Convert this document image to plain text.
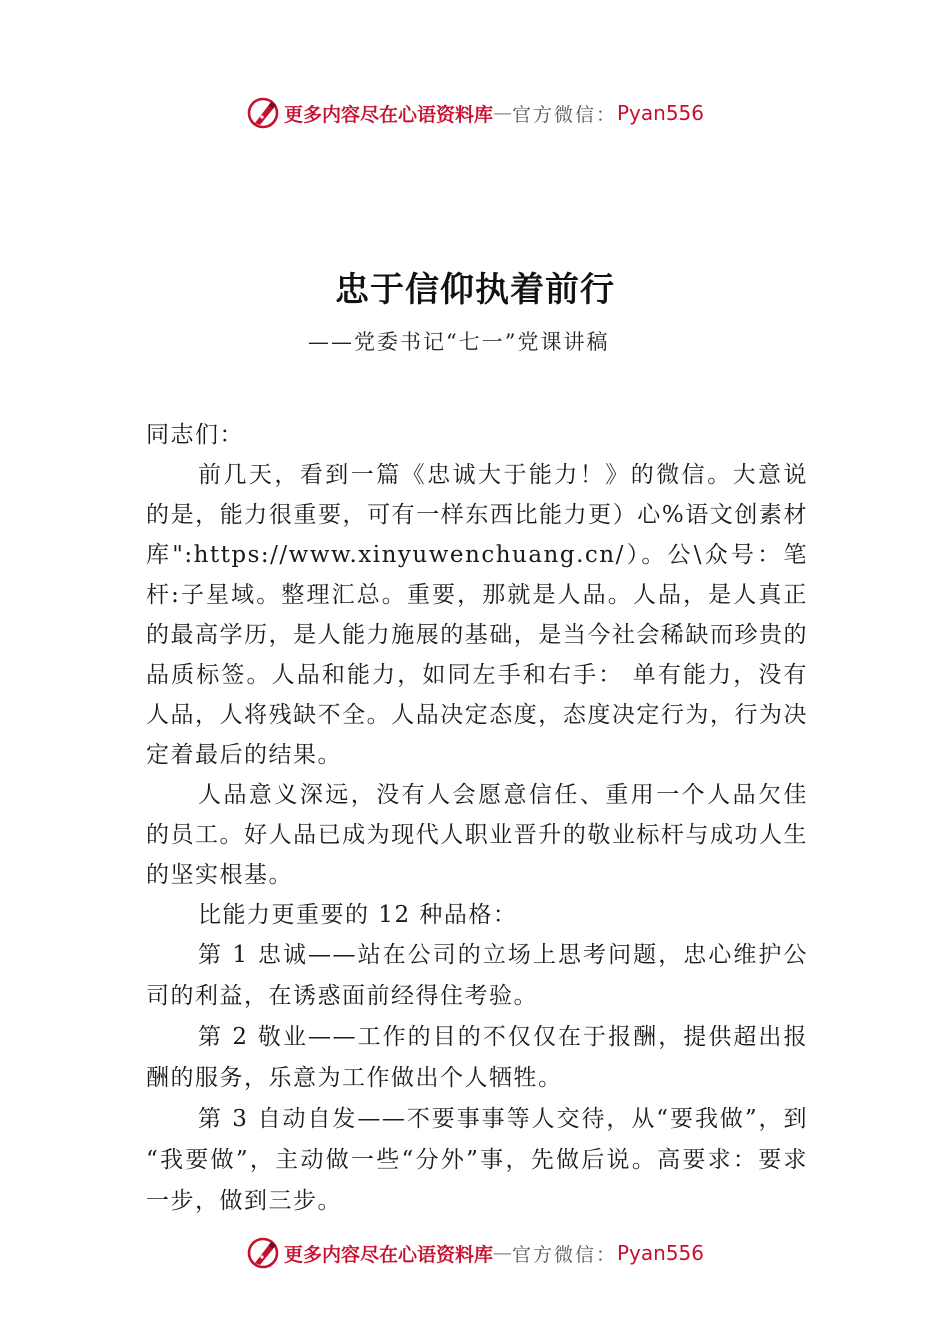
更多内容尽在心语资料库 — 官方微信： Pyan556
忠于信仰执着前行
——党委书记“七一”党课讲稿

同志们：

前几天，看到一篇《忠诚大于能力！》的微信。大意说的是，能力很重要，可有一样东西比能力更）心%语文创素材库":https://www.xinyuwenchuang.cn/）。公\众号：笔杆:子星域。整理汇总。重要，那就是人品。人品，是人真正的最高学历，是人能力施展的基础，是当今社会稀缺而珍贵的品质标签。人品和能力，如同左手和右手： 单有能力，没有人品，人将残缺不全。人品决定态度，态度决定行为，行为决定着最后的结果。

人品意义深远，没有人会愿意信任、重用一个人品欠佳的员工。好人品已成为现代人职业晋升的敬业标杆与成功人生的坚实根基。

比能力更重要的 12 种品格：

第 1 忠诚——站在公司的立场上思考问题，忠心维护公司的利益，在诱惑面前经得住考验。

第 2 敬业——工作的目的不仅仅在于报酬，提供超出报酬的服务，乐意为工作做出个人牺牲。

第 3 自动自发——不要事事等人交待，从“要我做”，到 “我要做”，主动做一些“分外”事，先做后说。高要求：要求一步，做到三步。

更多内容尽在心语资料库 — 官方微信： Pyan556
